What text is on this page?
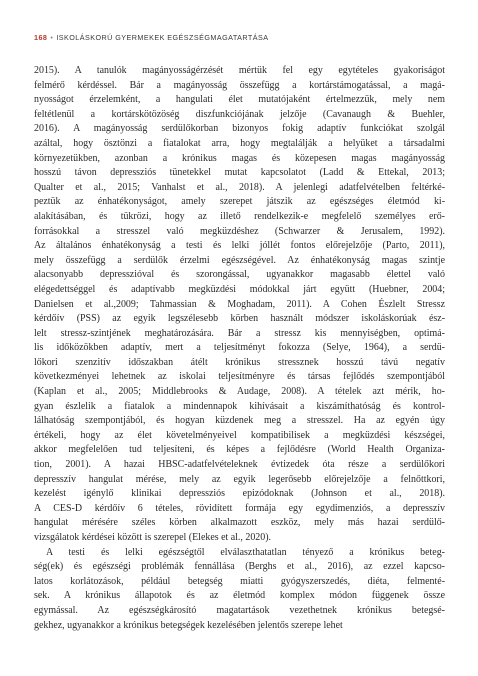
168 • ISKOLÁSKORÚ GYERMEKEK EGÉSZSÉGMAGATARTÁSA
2015). A tanulók magányosságérzését mértük fel egy egytételes gyakoriságot
felmérő kérdéssel. Bár a magányosság összefügg a kortárstámogatással, a magá-
nyosságot érzelemként, a hangulati élet mutatójaként értelmezzük, mely nem
feltétlenül a kortárskötözöség diszfunkciójának jelzője (Cavanaugh & Buehler,
2016). A magányosság serdülőkorban bizonyos fokig adaptív funkciókat szolgál
azáltal, hogy ösztönzi a fiatalokat arra, hogy megtalálják a helyüket a társadalmi
környezetükben, azonban a krónikus magas és közepesen magas magányosság
hosszú távon depressziós tünetekkel mutat kapcsolatot (Ladd & Ettekal, 2013;
Qualter et al., 2015; Vanhalst et al., 2018). A jelenlegi adatfelvételben feltérké-
peztük az énhatékonyságot, amely szerepet játszik az egészséges életmód ki-
alakításában, és tükrözi, hogy az illető rendelkezik-e megfelelő személyes erő-
forrásokkal a stresszel való megküzdéshez (Schwarzer & Jerusalem, 1992).
Az általános énhatékonyság a testi és lelki jóllét fontos előrejelzője (Parto, 2011),
mely összefügg a serdülők érzelmi egészségével. Az énhatékonyság magas szintje
alacsonyabb depresszióval és szorongással, ugyanakkor magasabb élettel való
elégedettséggel és adaptívabb megküzdési módokkal járt együtt (Huebner, 2004;
Danielsen et al.,2009; Tahmassian & Moghadam, 2011). A Cohen Észlelt Stressz
kérdőív (PSS) az egyik legszélesebb körben használt módszer iskoláskorúak ész-
lelt stressz-szintjének meghatározására. Bár a stressz kis mennyiségben, optimá-
lis időközökben adaptív, mert a teljesítményt fokozza (Selye, 1964), a serdü-
lőkori szenzitív időszakban átélt krónikus stressznek hosszú távú negatív
következményei lehetnek az iskolai teljesítményre és társas fejlődés szempontjából
(Kaplan et al., 2005; Middlebrooks & Audage, 2008). A tételek azt mérik, ho-
gyan észlelik a fiatalok a mindennapok kihívásait a kiszámíthatóság és kontrol-
lálhatóság szempontjából, és hogyan küzdenek meg a stresszel. Ha az egyén úgy
értékeli, hogy az élet követelményeivel kompatibilisek a megküzdési készségei,
akkor megfelelően tud teljesíteni, és képes a fejlődésre (World Health Organiza-
tion, 2001). A hazai HBSC-adatfelvételeknek évtizedek óta része a serdülőkori
depresszív hangulat mérése, mely az egyik legerősebb előrejelzője a felnőttkori,
kezelést igénylő klinikai depressziós epizódoknak (Johnson et al., 2018).
A CES-D kérdőív 6 tételes, rövidített formája egy egydimenziós, a depresszív
hangulat mérésére széles körben alkalmazott eszköz, mely más hazai serdülő-
vizsgálatok kérdései között is szerepel (Elekes et al., 2020).
A testi és lelki egészségtől elválaszthatatlan tényező a krónikus beteg-
ség(ek) és egészségi problémák fennállása (Berghs et al., 2016), az ezzel kapcso-
latos korlátozások, például betegség miatti gyógyszerszedés, diéta, felmenté-
sek. A krónikus állapotok és az életmód komplex módon függenek össze
egymással. Az egészségkárosító magatartások vezethetnek krónikus betegsé-
gekhez, ugyanakkor a krónikus betegségek kezelésében jelentős szerepe lehet
